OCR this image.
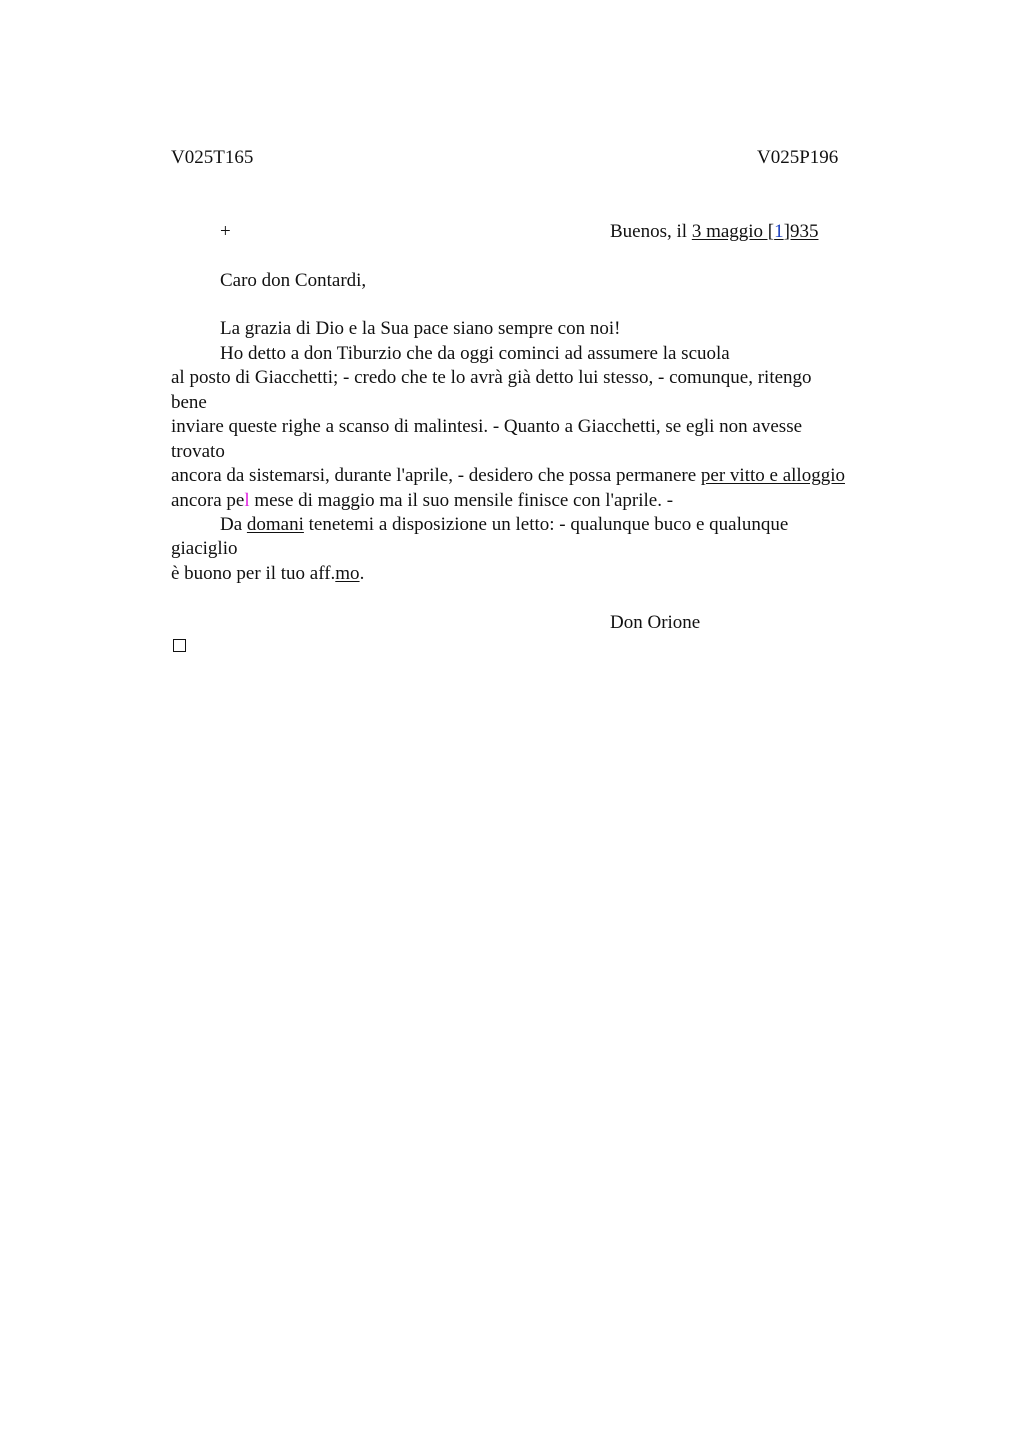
V025T165	V025P196
+	Buenos, il 3 maggio [1]935
Caro don Contardi,
La grazia di Dio e la Sua pace siano sempre con noi!
Ho detto a don Tiburzio che da oggi cominci ad assumere la scuola
al posto di Giacchetti; - credo che te lo avrà già detto lui stesso, - comunque, ritengo
bene
inviare queste righe a scanso di malintesi. - Quanto a Giacchetti, se egli non avesse
trovato
ancora da sistemarsi, durante l'aprile, - desidero che possa permanere per vitto e alloggio
ancora pel mese di maggio ma il suo mensile finisce con l'aprile. -
Da domani tenetemi a disposizione un letto: - qualunque buco e qualunque
giaciglio
è buono per il tuo aff.mo.
Don Orione
